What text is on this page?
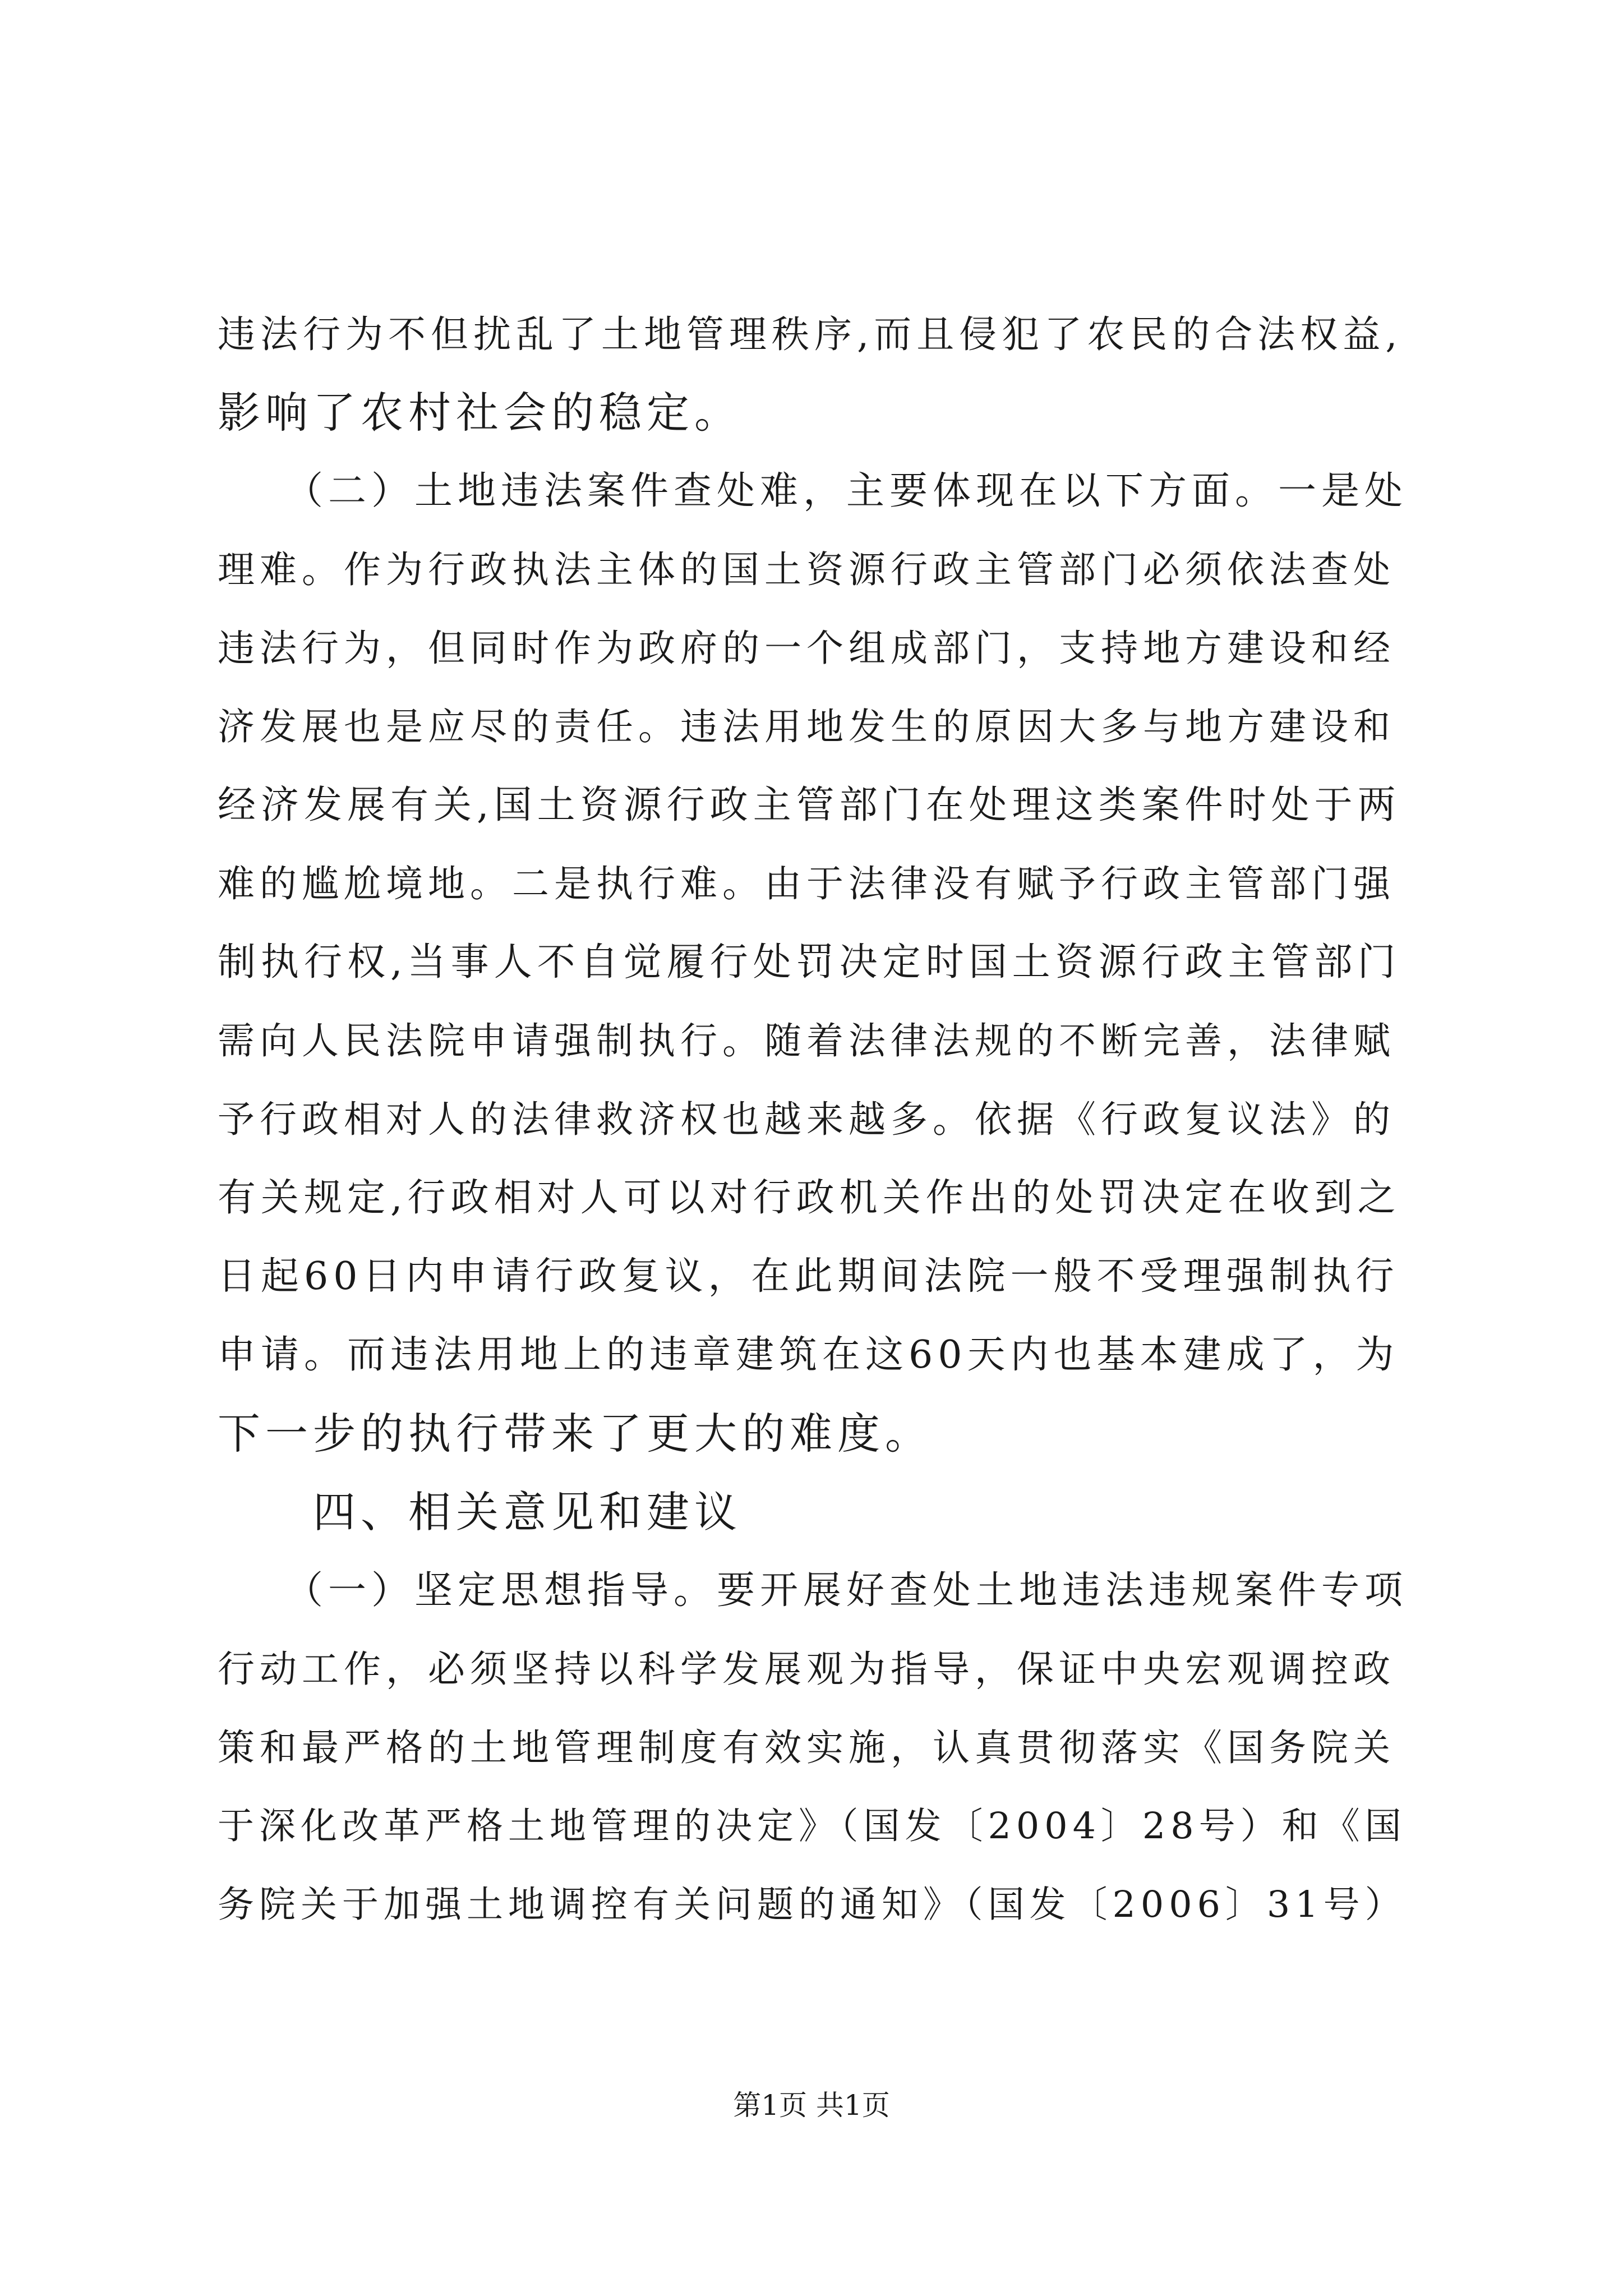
违法行为不但扰乱了土地管理秩序,而且侵犯了农民的合法权益,
影响了农村社会的稳定。
　　（二）土地违法案件查处难，主要体现在以下方面。一是处
理难。作为行政执法主体的国土资源行政主管部门必须依法查处
违法行为，但同时作为政府的一个组成部门，支持地方建设和经
济发展也是应尽的责任。违法用地发生的原因大多与地方建设和
经济发展有关,国土资源行政主管部门在处理这类案件时处于两
难的尴尬境地。二是执行难。由于法律没有赋予行政主管部门强
制执行权,当事人不自觉履行处罚决定时国土资源行政主管部门
需向人民法院申请强制执行。随着法律法规的不断完善，法律赋
予行政相对人的法律救济权也越来越多。依据《行政复议法》的
有关规定,行政相对人可以对行政机关作出的处罚决定在收到之
日起60日内申请行政复议，在此期间法院一般不受理强制执行
申请。而违法用地上的违章建筑在这60天内也基本建成了，为
下一步的执行带来了更大的难度。
　　四、相关意见和建议
　　（一）坚定思想指导。要开展好查处土地违法违规案件专项
行动工作，必须坚持以科学发展观为指导，保证中央宏观调控政
策和最严格的土地管理制度有效实施，认真贯彻落实《国务院关
于深化改革严格土地管理的决定》（国发〔2004〕28号）和《国
务院关于加强土地调控有关问题的通知》（国发〔2006〕31号）
第1页 共1页
